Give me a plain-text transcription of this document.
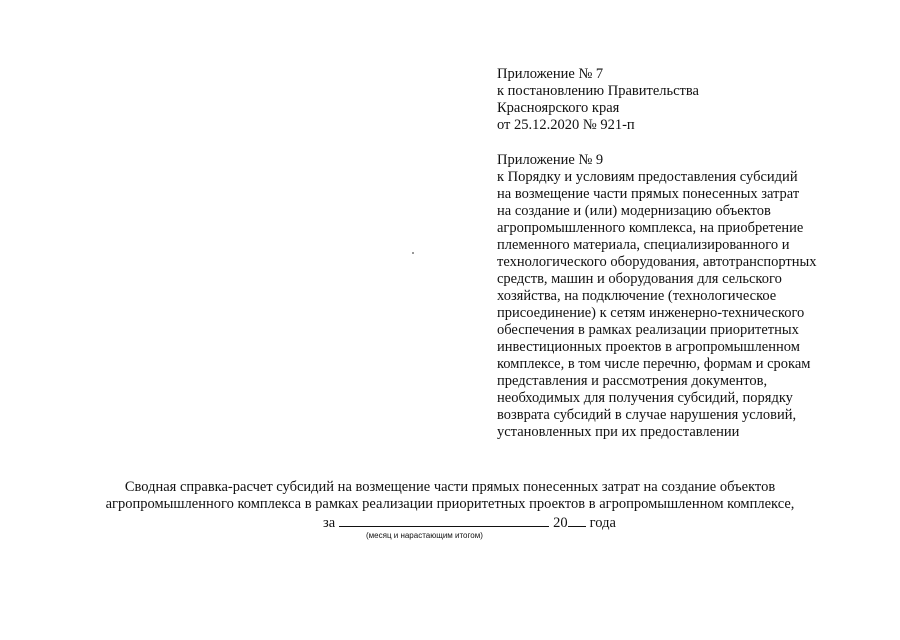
Приложение № 7
к постановлению Правительства
Красноярского края
от 25.12.2020 № 921-п
Приложение № 9
к Порядку и условиям предоставления субсидий
на возмещение части прямых понесенных затрат
на создание и (или) модернизацию объектов
агропромышленного комплекса, на приобретение
племенного материала, специализированного и
технологического оборудования, автотранспортных
средств, машин и оборудования для сельского
хозяйства, на подключение (технологическое
присоединение) к сетям инженерно-технического
обеспечения в рамках реализации приоритетных
инвестиционных проектов в агропромышленном
комплексе, в том числе перечню, формам и срокам
представления и рассмотрения документов,
необходимых для получения субсидий, порядку
возврата субсидий в случае нарушения условий,
установленных при их предоставлении
Сводная справка-расчет субсидий на возмещение части прямых понесенных затрат на создание объектов
агропромышленного комплекса в рамках реализации приоритетных проектов в агропромышленном комплексе,
за	20 года
(месяц и нарастающим итогом)
